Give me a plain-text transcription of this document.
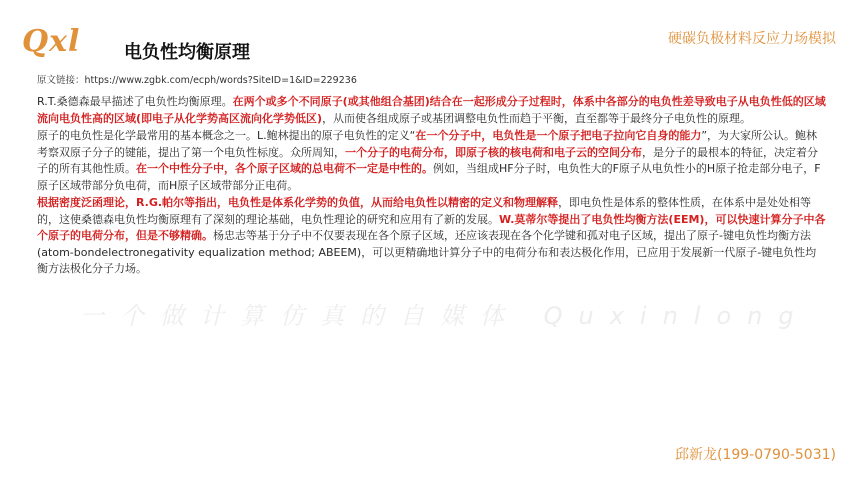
Qxl 电负性均衡原理
硬碳负极材料反应力场模拟
原文链接：https://www.zgbk.com/ecph/words?SiteID=1&ID=229236

R.T.桑德森最早描述了电负性均衡原理。在两个或多个不同原子(或其他组合基团)结合在一起形成分子过程时，体系中各部分的电负性差导致电子从电负性低的区域流向电负性高的区域(即电子从化学势高区流向化学势低区)，从而使各组成原子或基团调整电负性而趋于平衡，直至都等于最终分子电负性的原理。

原子的电负性是化学最常用的基本概念之一。L.鲍林提出的原子电负性的定义“在一个分子中，电负性是一个原子把电子拉向它自身的能力”，为大家所公认。鲍林考察双原子分子的键能，提出了第一个电负性标度。众所周知，一个分子的电荷分布，即原子核的核电荷和电子云的空间分布，是分子的最根本的特征，决定着分子的所有其他性质。在一个中性分子中，各个原子区域的总电荷不一定是中性的。例如，当组成HF分子时，电负性大的F原子从电负性小的H原子抢走部分电子，F原子区域带部分负电荷，而H原子区域带部分正电荷。

根据密度泛函理论，R.G.帕尔等指出，电负性是体系化学势的负值，从而给电负性以精密的定义和物理解释，即电负性是体系的整体性质，在体系中是处处相等的，这使桑德森电负性均衡原理有了深刻的理论基础，电负性理论的研究和应用有了新的发展。W.莫蒂尔等提出了电负性均衡方法(EEM)，可以快速计算分子中各个原子的电荷分布，但是不够精确。杨忠志等基于分子中不仅要表现在各个原子区域，还应该表现在各个化学键和孤对电子区域，提出了原子-键电负性均衡方法(atom-bondelectronegativity equalization method; ABEEM)，可以更精确地计算分子中的电荷分布和表达极化作用，已应用于发展新一代原子-键电负性均衡方法极化分子力场。

一个做计算仿真的自媒体 Quxinlong
邱新龙(199-0790-5031)
